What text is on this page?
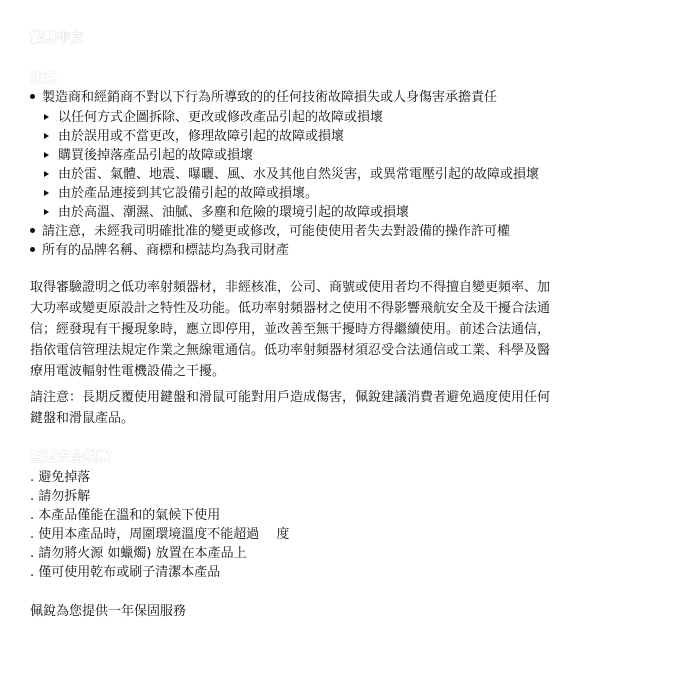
繁體中文
注意
製造商和經銷商不對以下行為所導致的的任何技術故障損失或人身傷害承擔責任
以任何方式企圖拆除、更改或修改產品引起的故障或損壞
由於誤用或不當更改，修理故障引起的故障或損壞
購買後掉落產品引起的故障或損壞
由於雷、氣體、地震、曝曬、風、水及其他自然災害，或異常電壓引起的故障或損壞
由於產品連接到其它設備引起的故障或損壞。
由於高溫、潮濕、油膩、多塵和危險的環境引起的故障或損壞
請注意，未經我司明確批准的變更或修改，可能使使用者失去對設備的操作許可權
所有的品牌名稱、商標和標誌均為我司財產
取得審驗證明之低功率射頻器材，非經核准，公司、商號或使用者均不得擅自變更頻率、加
大功率或變更原設計之特性及功能。低功率射頻器材之使用不得影響飛航安全及干擾合法通
信；經發現有干擾現象時，應立即停用，並改善至無干擾時方得繼續使用。前述合法通信，
指依電信管理法規定作業之無線電通信。低功率射頻器材須忍受合法通信或工業、科學及醫
療用電波輻射性電機設備之干擾。
請注意：長期反覆使用鍵盤和滑鼠可能對用戶造成傷害，佩銳建議消費者避免過度使用任何
鍵盤和滑鼠產品。
重要安全提醒
. 避免掉落
. 請勿拆解
. 本產品僅能在溫和的氣候下使用
. 使用本產品時，周圍環境溫度不能超過　 度
. 請勿將火源 如蠟燭) 放置在本產品上
. 僅可使用乾布或刷子清潔本產品
佩銳為您提供一年保固服務
